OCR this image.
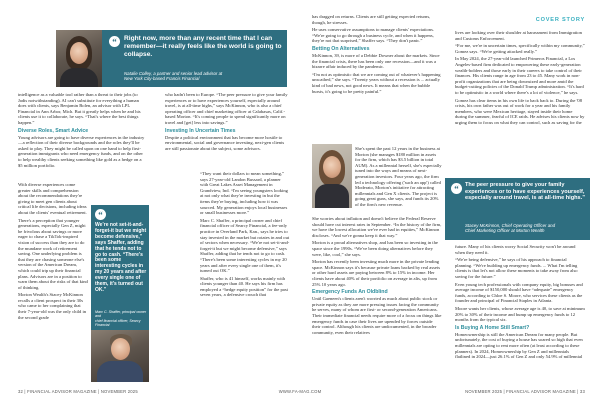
COVER STORY
“	Right now, more than any recent time that I can remember—it really feels like the world is going to collapse.
Natalie Colley, a partner and senior lead advisor at
New York City-based Francis Financial

intelligence as a valuable tool rather than a threat to their jobs (to Jadis notwithstanding). AI can't substitute for everything a human does with clients, says Benjamin Bolen, an advisor with LPL Financial in Ann Arbor, Mich. But it greatly helps when he and his clients use it to collaborate, he says. “That's where the best things happen.”

Diverse Roles, Smart Advice

Young advisors are going to have diverse experiences in the industry—a reflection of their diverse backgrounds and the roles they'll be asked to play. They might be called upon on one hand to help first-generation immigrants who need emergency funds, and on the other to help wealthy clients seeking something like gold as a hedge on a $5 million portfolio.

With diverse experiences come greater skills and comprehension about the recommendations they're giving to meet gen clients about critical life decisions, including ideas about the clients' eventual retirement.

There's a perception that younger generations, especially Gen Z, might be frivolous about savings or more eager to chase a TikTok-inspired vision of success than they are to do the mundane work of retirement saving. One underlying problem is that they are chasing someone else's version of the American Dream, which could trip up their financial plans. Advisors are in a position to warn them about the risks of that kind of thinking.

Morton Wealth's Stacey McKinnon recalls a client prospect in their 30s who came to her complaining that their 7-year-old was the only child in the second grade

“
We’re not set-it-and-forget-it but we might become defensive,” says Shaffer, adding that he tends not to go to cash. “There’s been some interesting cycles in my 20 years and after every single one of them, it’s turned out OK.”
Marc C. Shaffer, principal owner and
chief financial officer, Searcy Financial

who hadn't been to Europe. “The peer pressure to give your family experiences or to have experiences yourself, especially around travel, is at all-time highs,” says McKinnon, who is also a chief operating officer and chief marketing officer at Calabasas, Calif.-based Morton. “It's coming people to spend significantly more on travel and [get] less into savings.”

Investing In Uncertain Times

Despite a political environment that has become more hostile to environmental, social and governance investing, next-gen clients are still passionate about the subject, some advisors.

“They want their dollars to mean something,” says 27-year-old Landon Bussard, a planner with Great Lakes Asset Management in Grandview, Ind. “I'm seeing youngsters looking at not only what they're investing in but the items they're buying, including how it was sourced. My generation enjoys local businesses or small businesses more.”

Marc C. Shaffer, a principal owner and chief financial officer of Searcy Financial, a fee-only practice in Overland Park, Kan., says he tries to stay invested in the market but rotates in and out of sectors when necessary. “We're not set-it-and-forget-it but we might become defensive,” says Shaffer, adding that he tends not to go to cash. “There's been some interesting cycles in my 20 years and after every single one of them, it's turned out OK.”

Shaffer, who is 41 himself, works mainly with clients younger than 40. He says his firm has employed a “hedge equity position” for the past seven years, a defensive crouch that

has dragged on returns. Clients are still getting expected returns, though, he stresses.

He uses conservative assumptions to manage clients' expectations. “We're going to go through a business cycle, and when it happens, they're not that surprised,” Shaffer says. “They don't panic.”

Betting On Alternatives

McKinnon, 39, is more of a Debbie Downer about the markets. Since the financial crisis, there has been only one recession—and it was a bizarre affair induced by the pandemic.

“I'm not as optimistic that we are coming out of whatever's happening unscathed,” she says. “Twenty years without a recession is ... actually kind of bad news, not good news. It means that when the bubble bursts, it's going to be pretty painful.”

She's spent the past 12 years in the business at Morton (she manages $180 million in assets for the firm, which has $3.5 billion in total AUM). As a millennial herself, she's especially tuned into the ways and means of next-generation investors. Four years ago, the firm led a technology offering ('such an app') called Moderato, Morton's initiative for attracting millennials and Gen X clients. The project is going great guns, she says, and funds its 20% of the firm's new revenue.

She worries about inflation and doesn't believe the Federal Reserve should have cut interest rates in September. “In the history of the firm, we have the lowest allocation we've ever had in equities,” McKinnon discloses. “And we're gonna keep it that way.”

Morton is a proud alternatives shop, and has been so investing in the space since the 1990s. “We've been doing alternatives before they were, like, cool,” she says.

Morton has recently been investing much more in the private lending space. McKinnon says it's because private loans backed by real assets or other hard assets are paying between 8% to 15% in income. Her clients have about 40% of their portfolio on average in alts, up from 25% 10 years ago.

Emergency Funds An Oldblind

Until Gaeneen's clients aren't worried as much about public stock or private equity as they are more pressing issues facing the community he serves, many of whom are first- or second-generation Americans. Their immediate financial needs require more of a focus on things like emergency funds in case their lives are upended by forces outside their control. Although his clients are undocumented, in the broader community, even their relatives

lives are looking over their shoulder at harassment from Immigration and Customs Enforcement.

“For me, we're in uncertain times, specifically within my community,” Gomez says. “We're getting attacked really.”

In May 2024, the 27-year-old launched Primeros Financial, a Los Angeles-based firm dedicated to empowering these early-generation wealth-holders and those early in their careers to take control of their finances. His clients range in age from 23 to 45. Many work in non-profit organizations that are being downsized and more amid the budget-cutting policies of the Donald Trump administration. “It's hard to be optimistic in a world where there's a lot of violence,” he says.

Gomez has clear items in his own life to back back to. During the '08 crisis, his own father was out of work for a year and his family members, who were Mexican heritage, stayed inside their home during the summer, fearful of ICE raids. He advises his clients now by urging them to focus on what they can control, such as saving for the

“	The peer pressure to give your family experiences or to have experiences yourself, especially around travel, is at all-time highs.”
Stacey McKinnon, Chief Operating Officer and
Chief Marketing Officer at Morton Wealth

future. Many of his clients worry Social Security won't be around when they need it.

“We're being defensive,” he says of his approach to financial planning. “We're building up emergency funds. ... What I'm telling clients is that let's not allow these moments to take away from also saving for the future.”

Even young tech professionals with company equity, big bonuses and average income of $150,000 should have “adequate” emergency funds, according to Chloe S. Moore, who services these clients as the founder and principal of Financial Staples in Atlanta.

Moore wants her clients, whose average age is 40, to save at minimum 20% to 30% of their income and bump up emergency funds to 12 months from the typical six.

Is Buying A Home Still Smart?

Homeownership is still the American Dream for many people. But unfortunately, the cost of buying a house has soared so high that even millennials are opting to rent more often (at least according to these planners). In 2024, Homeownership by Gen Z and millennials flatlined in 2024—just 26.1% of Gen Z and only 54.9% of millennial

32 | FINANCIAL ADVISOR MAGAZINE | NOVEMBER 2025	WWW.FA-MAG.COM	NOVEMBER 2025 | FINANCIAL ADVISOR MAGAZINE | 33
